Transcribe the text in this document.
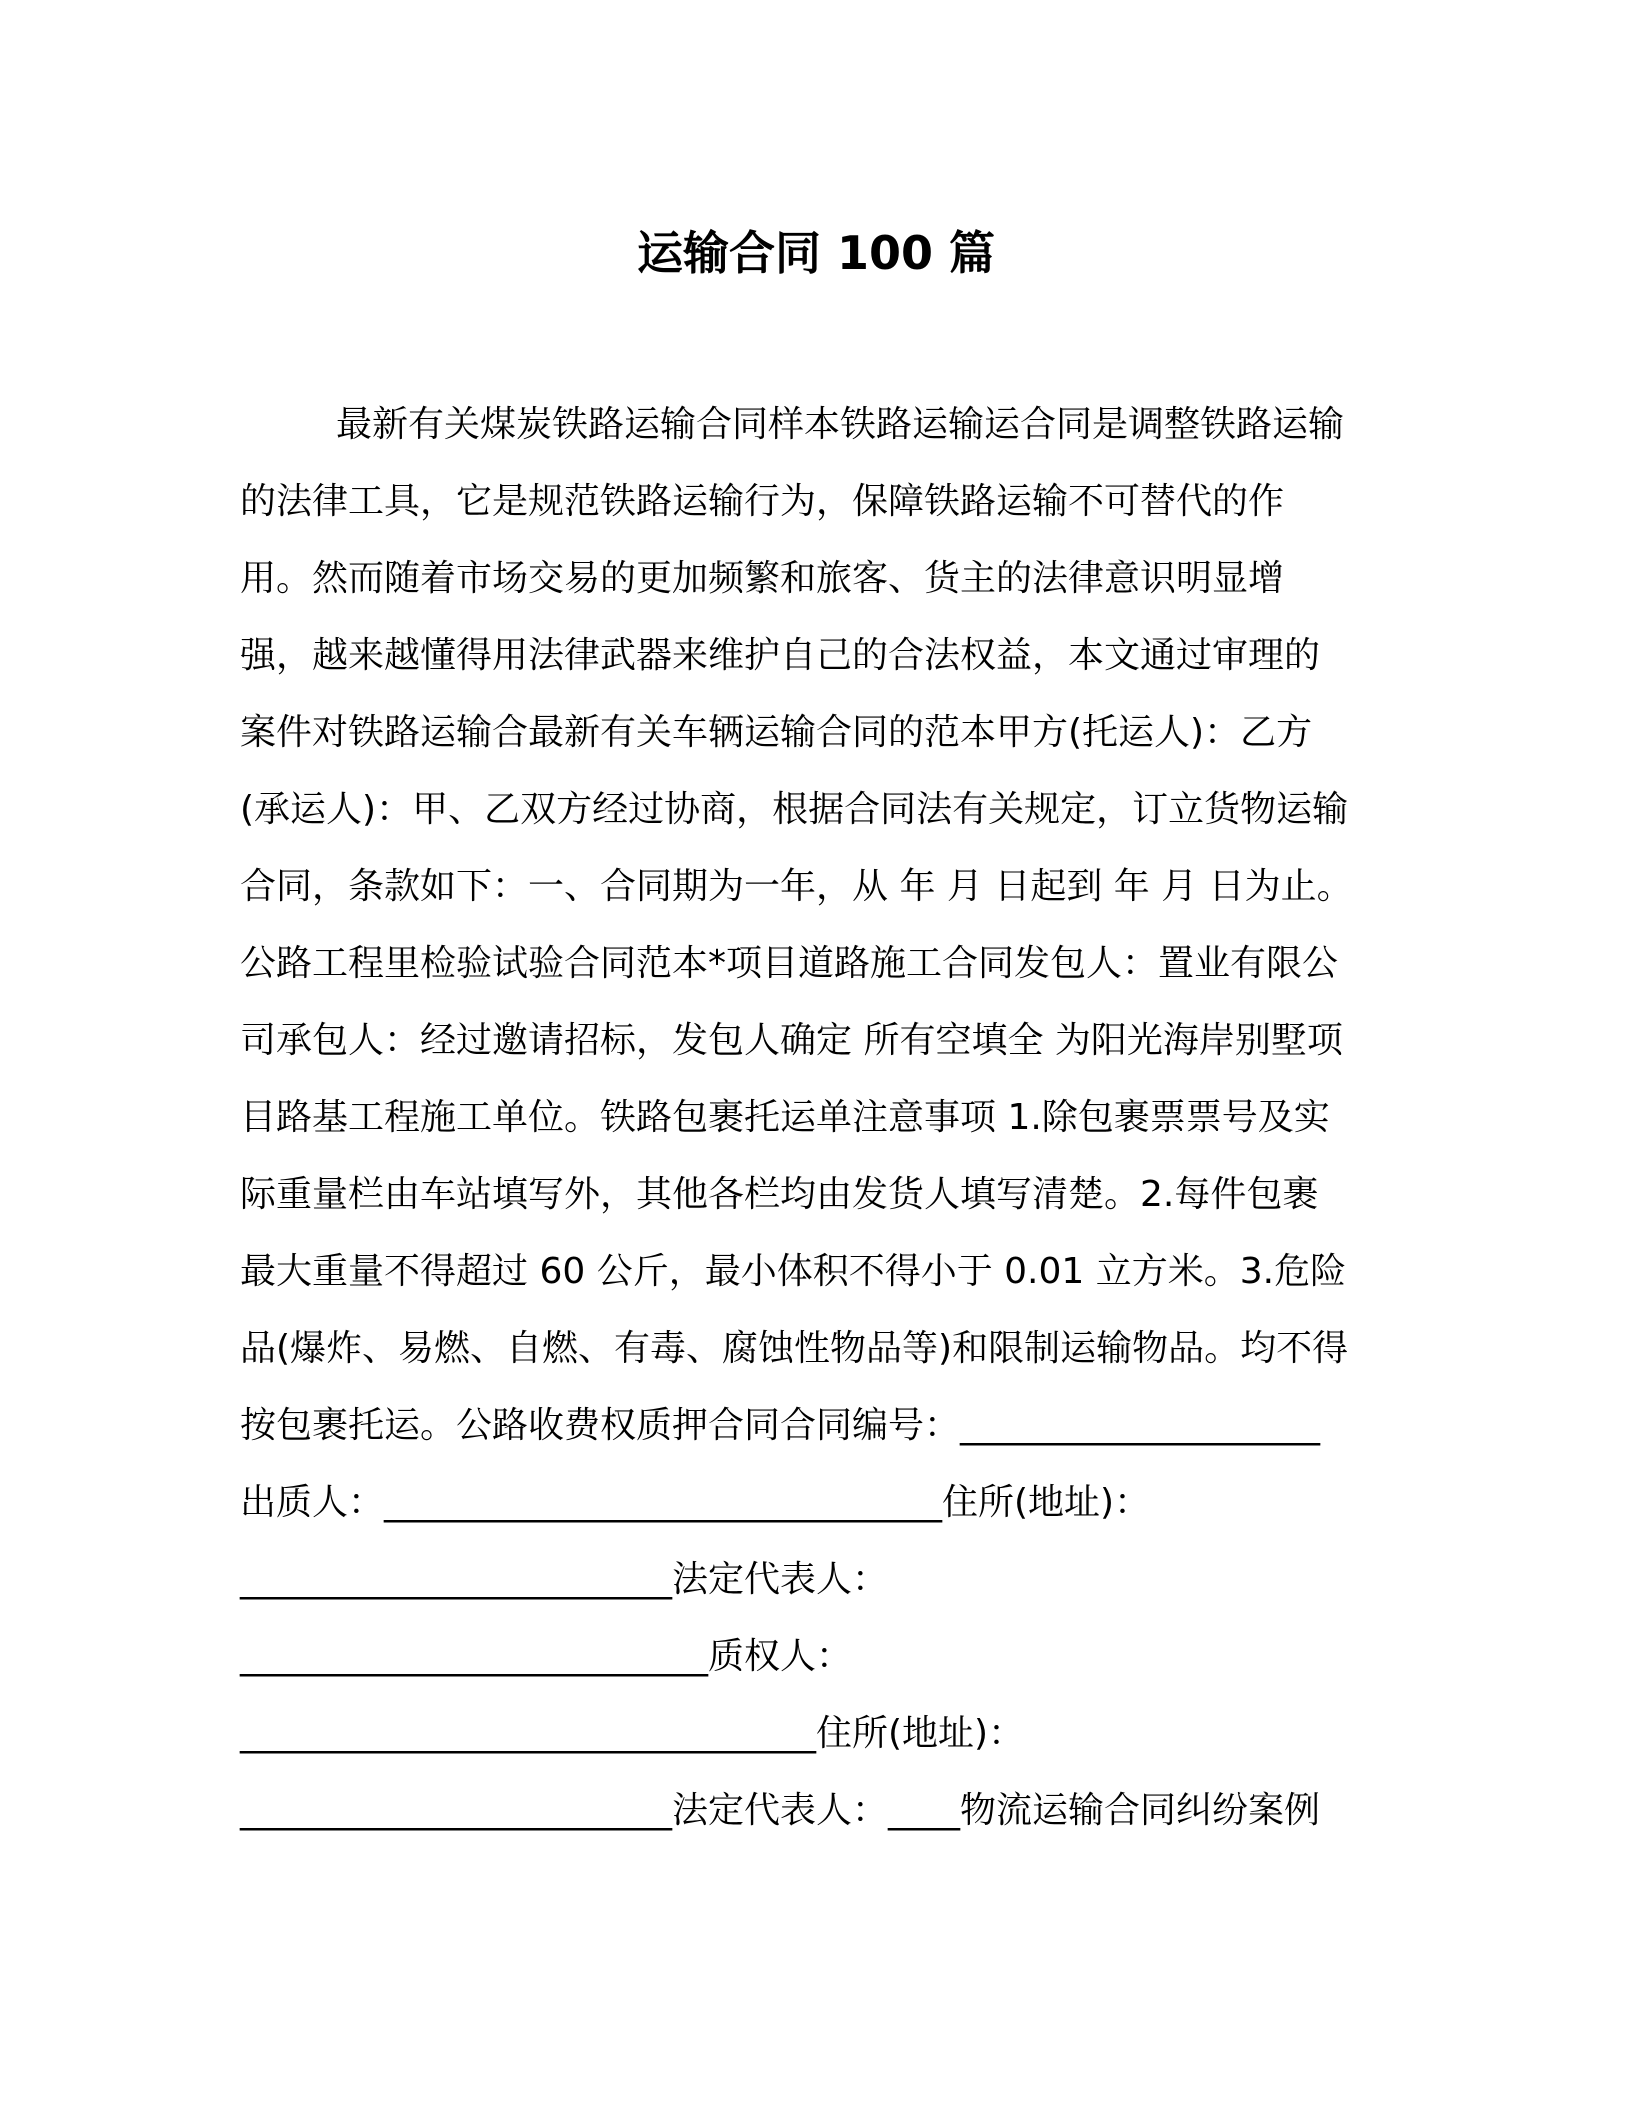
运输合同 100 篇
最新有关煤炭铁路运输合同样本铁路运输运合同是调整铁路运输
的法律工具，它是规范铁路运输行为，保障铁路运输不可替代的作
用。然而随着市场交易的更加频繁和旅客、货主的法律意识明显增
强，越来越懂得用法律武器来维护自己的合法权益，本文通过审理的
案件对铁路运输合最新有关车辆运输合同的范本甲方(托运人)：乙方
(承运人)：甲、乙双方经过协商，根据合同法有关规定，订立货物运输
合同，条款如下：一、合同期为一年，从 年 月 日起到 年 月 日为止。
公路工程里检验试验合同范本*项目道路施工合同发包人：置业有限公
司承包人：经过邀请招标，发包人确定 所有空填全 为阳光海岸别墅项
目路基工程施工单位。铁路包裹托运单注意事项 1.除包裹票票号及实
际重量栏由车站填写外，其他各栏均由发货人填写清楚。2.每件包裹
最大重量不得超过 60 公斤，最小体积不得小于 0.01 立方米。3.危险
品(爆炸、易燃、自燃、有毒、腐蚀性物品等)和限制运输物品。均不得
按包裹托运。公路收费权质押合同合同编号：____________________
出质人：_______________________________住所(地址)：
________________________法定代表人：
__________________________质权人：
________________________________住所(地址)：
________________________法定代表人：____物流运输合同纠纷案例
